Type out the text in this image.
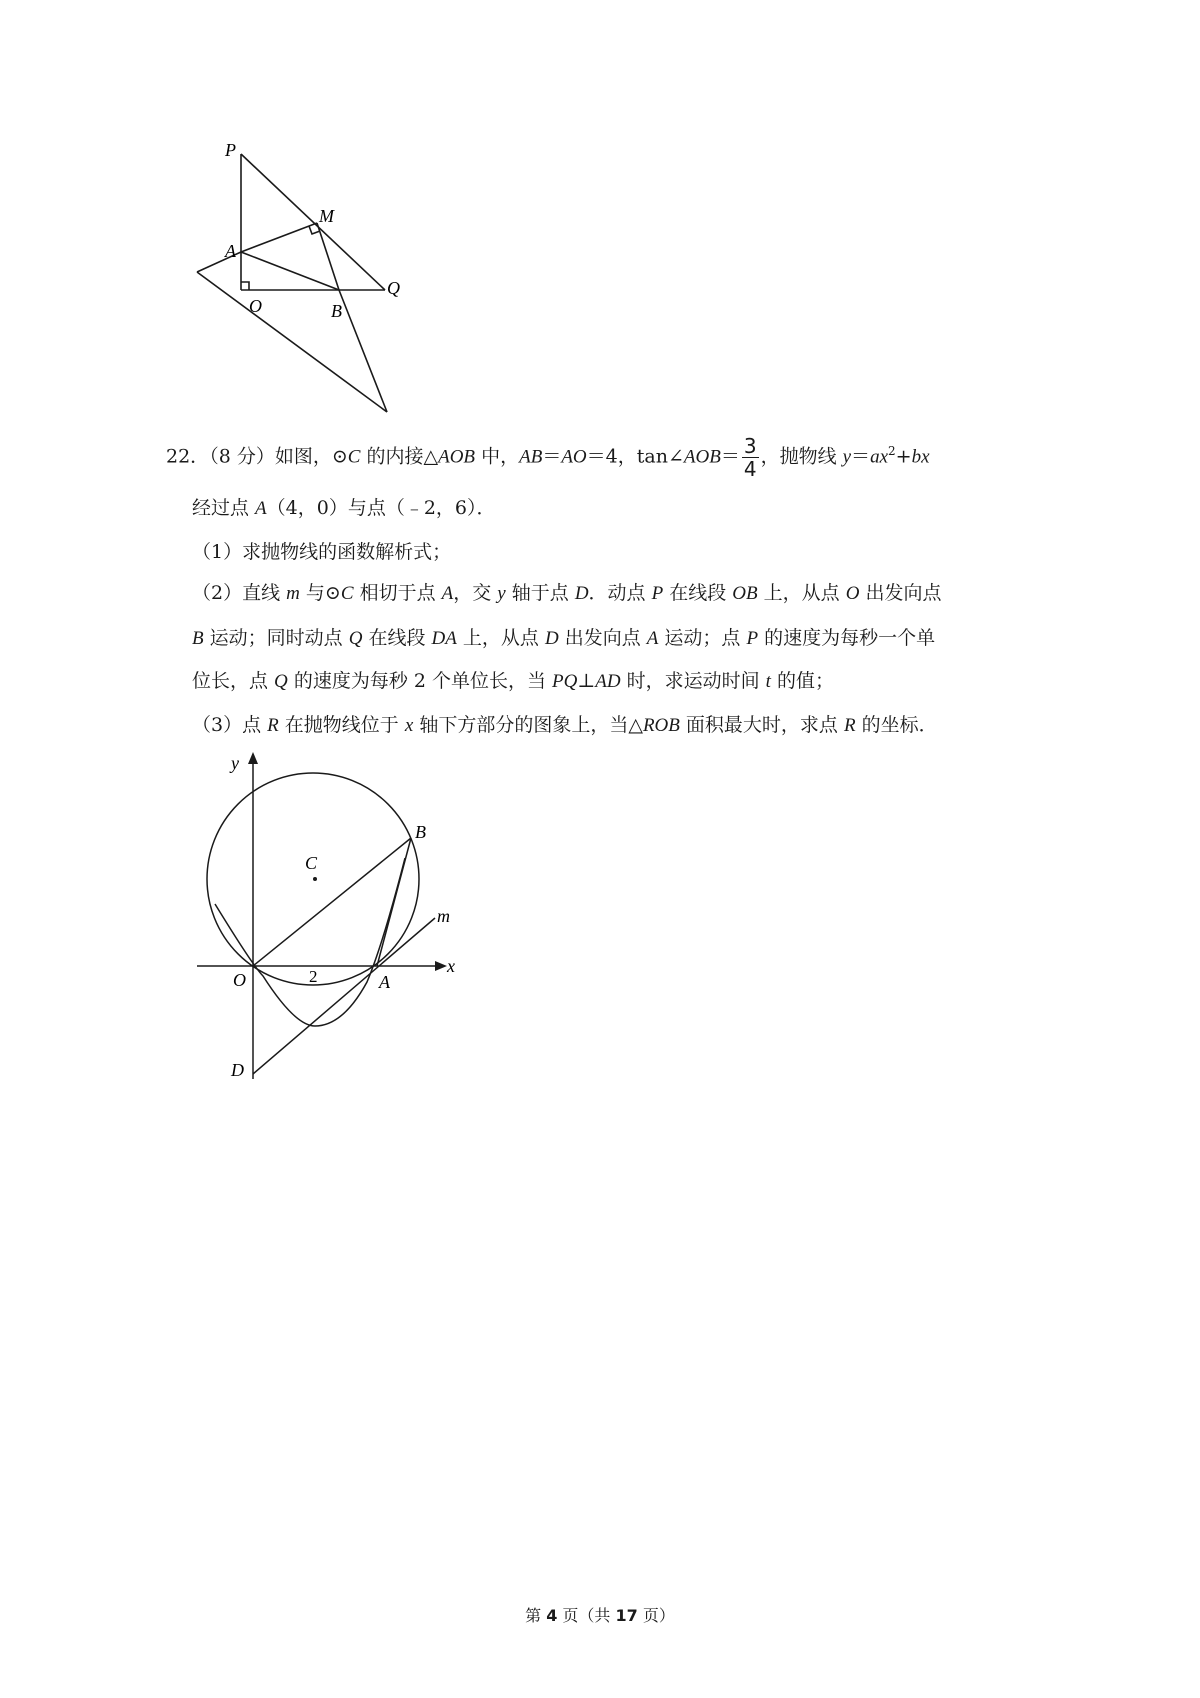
P
M
A
O	B
Q
22．（8 分）如图，⊙C 的内接△AOB 中，AB＝AO＝4，tan∠AOB＝ $\frac{3}{4}$ ，抛物线 $y=ax^2+bx$
经过点 A（4，0）与点（﹣2，6）．
（1）求抛物线的函数解析式；
（2）直线 m 与⊙C 相切于点 A，交 y 轴于点 D．动点 P 在线段 OB 上，从点 O 出发向点
B 运动；同时动点 Q 在线段 DA 上，从点 D 出发向点 A 运动；点 P 的速度为每秒一个单
位长，点 Q 的速度为每秒 2 个单位长，当 PQ⊥AD 时，求运动时间 t 的值；
（3）点 R 在抛物线位于 x 轴下方部分的图象上，当△ROB 面积最大时，求点 R 的坐标．
y
x
B
C
m
O	2	A
D
第 4 页（共 17 页）
